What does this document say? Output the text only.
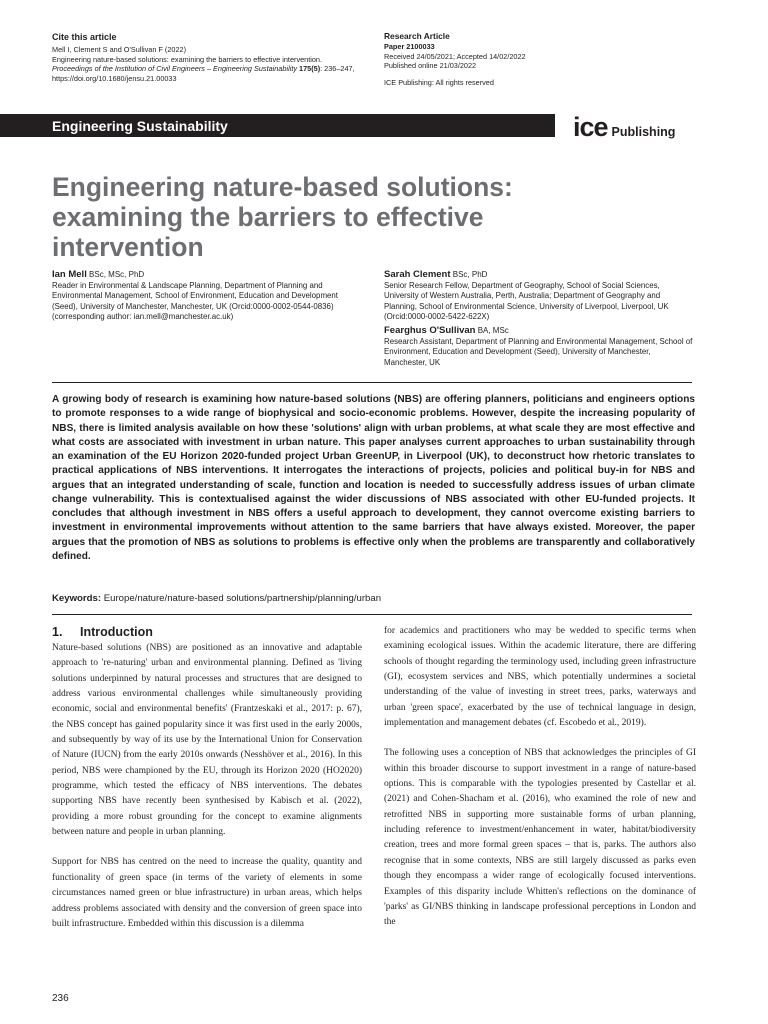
Cite this article
Mell I, Clement S and O'Sullivan F (2022)
Engineering nature-based solutions: examining the barriers to effective intervention.
Proceedings of the Institution of Civil Engineers – Engineering Sustainability 175(5): 236–247,
https://doi.org/10.1680/jensu.21.00033
Research Article
Paper 2100033
Received 24/05/2021; Accepted 14/02/2022
Published online 21/03/2022
ICE Publishing: All rights reserved
Engineering Sustainability	ice Publishing
Engineering nature-based solutions:
examining the barriers to effective
intervention
Ian Mell BSc, MSc, PhD
Reader in Environmental & Landscape Planning, Department of Planning and Environmental Management, School of Environment, Education and Development (Seed), University of Manchester, Manchester, UK (Orcid:0000-0002-0544-0836) (corresponding author: ian.mell@manchester.ac.uk)
Sarah Clement BSc, PhD
Senior Research Fellow, Department of Geography, School of Social Sciences, University of Western Australia, Perth, Australia; Department of Geography and Planning, School of Environmental Science, University of Liverpool, Liverpool, UK (Orcid:0000-0002-5422-622X)
Fearghus O'Sullivan BA, MSc
Research Assistant, Department of Planning and Environmental Management, School of Environment, Education and Development (Seed), University of Manchester, Manchester, UK

A growing body of research is examining how nature-based solutions (NBS) are offering planners, politicians and engineers options to promote responses to a wide range of biophysical and socio-economic problems. However, despite the increasing popularity of NBS, there is limited analysis available on how these 'solutions' align with urban problems, at what scale they are most effective and what costs are associated with investment in urban nature. This paper analyses current approaches to urban sustainability through an examination of the EU Horizon 2020-funded project Urban GreenUP, in Liverpool (UK), to deconstruct how rhetoric translates to practical applications of NBS interventions. It interrogates the interactions of projects, policies and political buy-in for NBS and argues that an integrated understanding of scale, function and location is needed to successfully address issues of urban climate change vulnerability. This is contextualised against the wider discussions of NBS associated with other EU-funded projects. It concludes that although investment in NBS offers a useful approach to development, they cannot overcome existing barriers to investment in environmental improvements without attention to the same barriers that have always existed. Moreover, the paper argues that the promotion of NBS as solutions to problems is effective only when the problems are transparently and collaboratively defined.

Keywords: Europe/nature/nature-based solutions/partnership/planning/urban
1. Introduction

Nature-based solutions (NBS) are positioned as an innovative and adaptable approach to 're-naturing' urban and environmental planning. Defined as 'living solutions underpinned by natural processes and structures that are designed to address various environmental challenges while simultaneously providing economic, social and environmental benefits' (Frantzeskaki et al., 2017: p. 67), the NBS concept has gained popularity since it was first used in the early 2000s, and subsequently by way of its use by the International Union for Conservation of Nature (IUCN) from the early 2010s onwards (Nesshöver et al., 2016). In this period, NBS were championed by the EU, through its Horizon 2020 (HO2020) programme, which tested the efficacy of NBS interventions. The debates supporting NBS have recently been synthesised by Kabisch et al. (2022), providing a more robust grounding for the concept to examine alignments between nature and people in urban planning.

Support for NBS has centred on the need to increase the quality, quantity and functionality of green space (in terms of the variety of elements in some circumstances named green or blue infrastructure) in urban areas, which helps address problems associated with density and the conversion of green space into built infrastructure. Embedded within this discussion is a dilemma

for academics and practitioners who may be wedded to specific terms when examining ecological issues. Within the academic literature, there are differing schools of thought regarding the terminology used, including green infrastructure (GI), ecosystem services and NBS, which potentially undermines a societal understanding of the value of investing in street trees, parks, waterways and urban 'green space', exacerbated by the use of technical language in design, implementation and management debates (cf. Escobedo et al., 2019).

The following uses a conception of NBS that acknowledges the principles of GI within this broader discourse to support investment in a range of nature-based options. This is comparable with the typologies presented by Castellar et al. (2021) and Cohen-Shacham et al. (2016), who examined the role of new and retrofitted NBS in supporting more sustainable forms of urban planning, including reference to investment/enhancement in water, habitat/biodiversity creation, trees and more formal green spaces – that is, parks. The authors also recognise that in some contexts, NBS are still largely discussed as parks even though they encompass a wider range of ecologically focused interventions. Examples of this disparity include Whitten's reflections on the dominance of 'parks' as GI/NBS thinking in landscape professional perceptions in London and the

236
